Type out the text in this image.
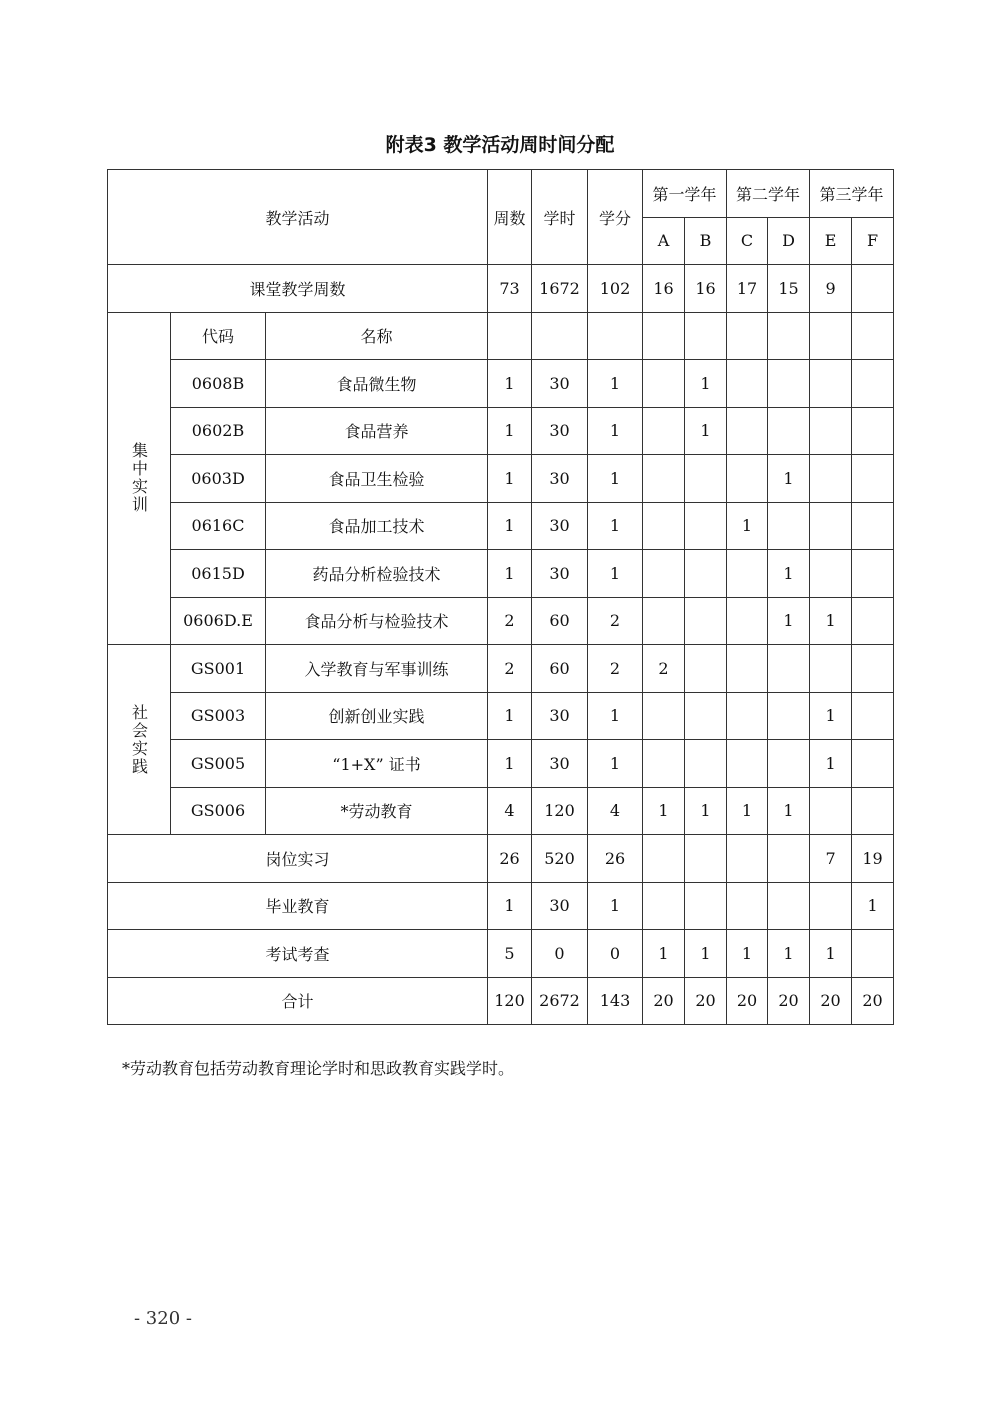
附表3 教学活动周时间分配
教学活动			周数	学时	学分	第一学年		第二学年		第三学年	
						A	B	C	D	E	F
课堂教学周数			73	1672	102	16	16	17	15	9	

集中实训	代码	名称									
	0608B	食品微生物	1	30	1		1				
	0602B	食品营养	1	30	1		1				
	0603D	食品卫生检验	1	30	1				1		
	0616C	食品加工技术	1	30	1			1			
	0615D	药品分析检验技术	1	30	1				1		
	0606D.E	食品分析与检验技术	2	60	2				1	1	

社会实践	GS001	入学教育与军事训练	2	60	2	2					
	GS003	创新创业实践	1	30	1					1	
	GS005	“1+X” 证书	1	30	1					1	
	GS006	*劳动教育	4	120	4	1	1	1	1		
岗位实习			26	520	26					7	19
毕业教育			1	30	1						1
考试考查			5	0	0	1	1	1	1	1	
合计			120	2672	143	20	20	20	20	20	20
*劳动教育包括劳动教育理论学时和思政教育实践学时。
- 320 -
